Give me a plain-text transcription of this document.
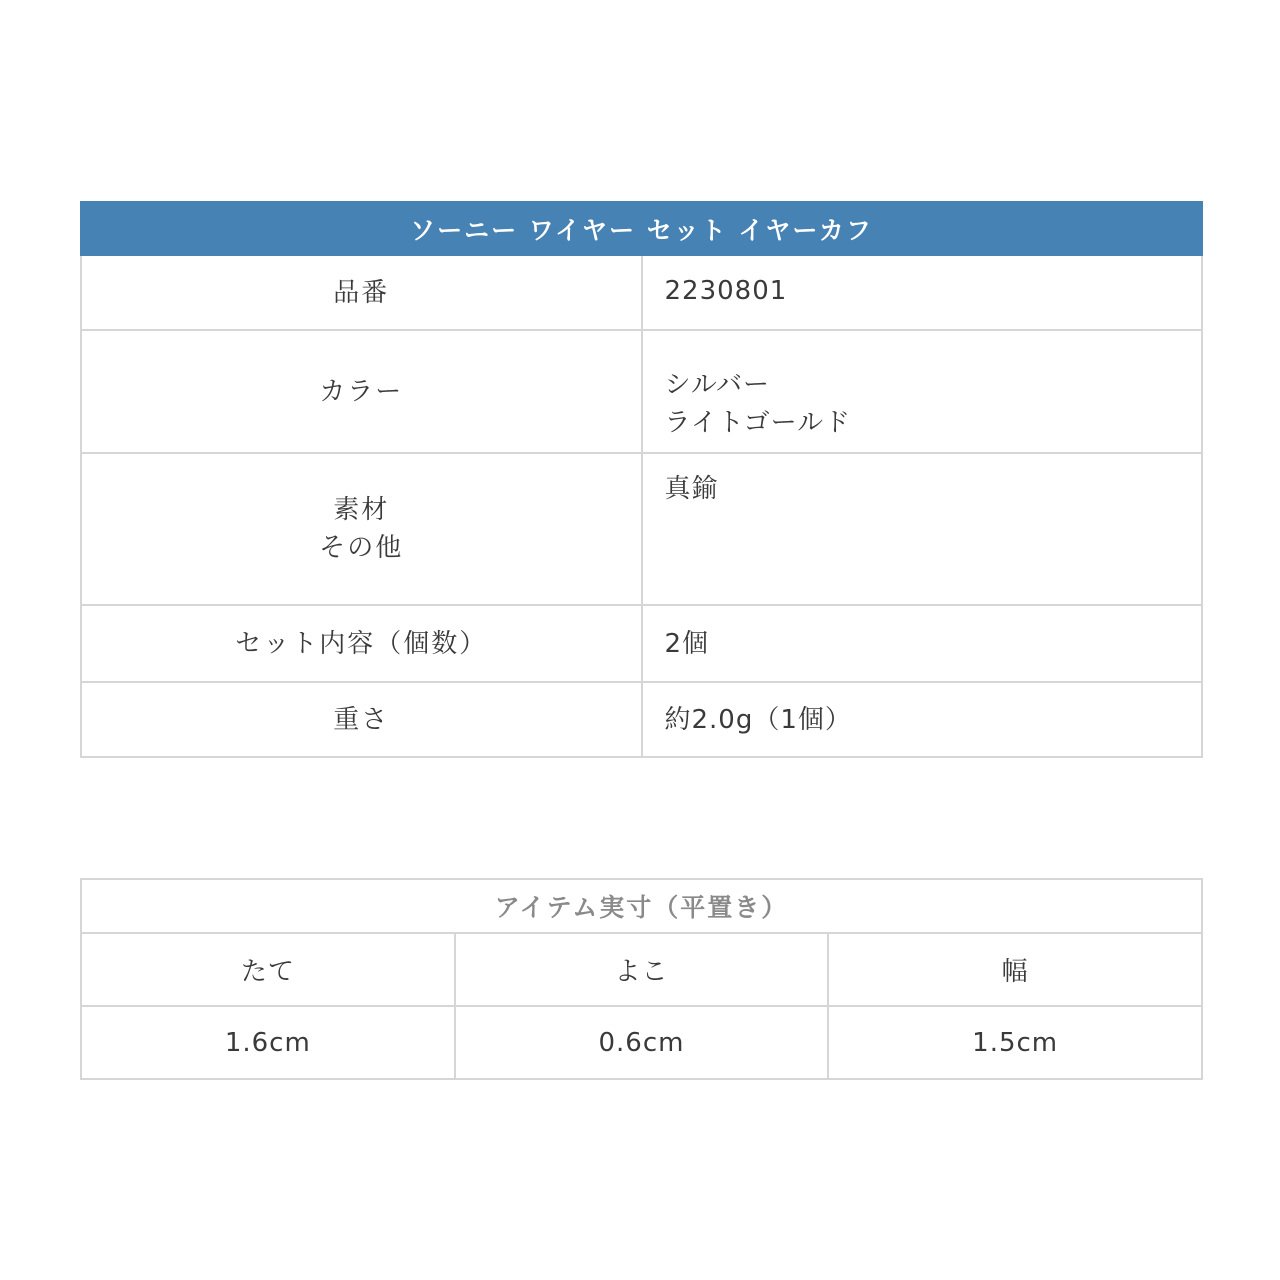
ソーニー ワイヤー セット イヤーカフ	

品番	2230801

カラー	シルバー
ライトゴールド

素材
その他	真鍮

セット内容（個数）	2個

重さ	約2.0g（1個）
アイテム実寸（平置き）		
たて	よこ	幅
1.6cm	0.6cm	1.5cm
